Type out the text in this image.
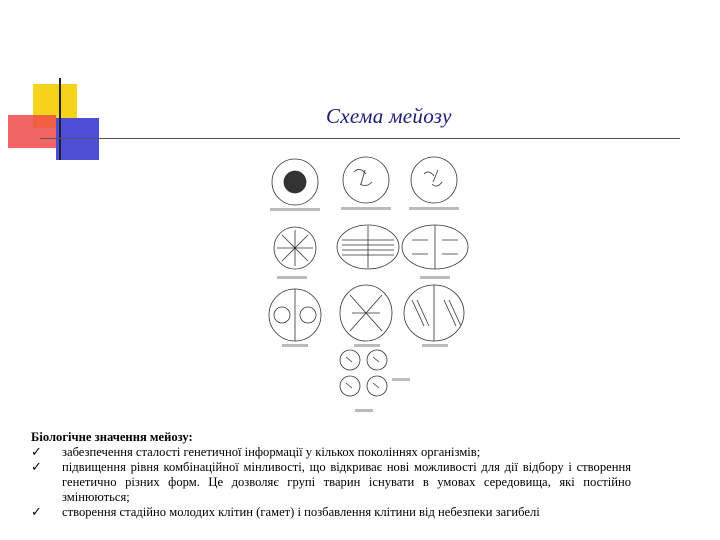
Схема мейозу
Біологічне значення мейозу:
✓ забезпечення сталості генетичної інформації у кількох поколіннях організмів;
✓ підвищення рівня комбінаційної мінливості, що відкриває нові можливості для дії відбору і створення генетично різних форм. Це дозволяє групі тварин існувати в умовах середовища, які постійно змінюються;
✓ створення стадійно молодих клітин (гамет) і позбавлення клітини від небезпеки загибелі
